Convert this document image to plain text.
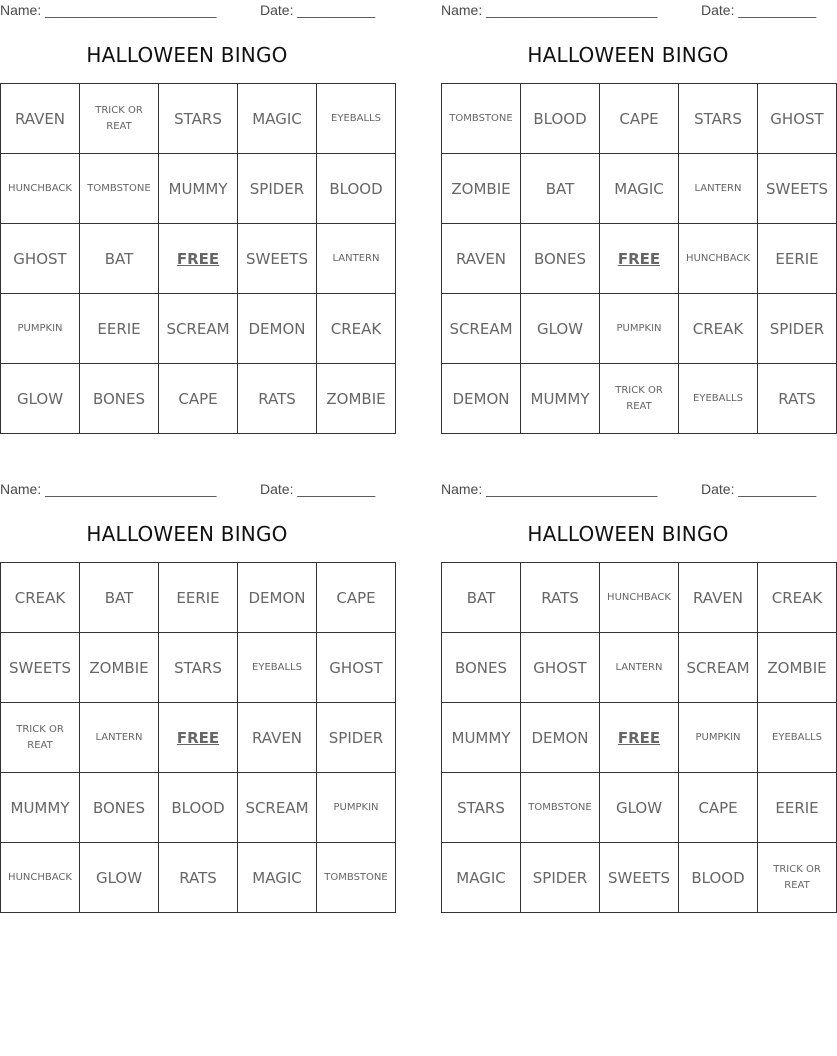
Name: ______________________	Date: __________
HALLOWEEN BINGO
RAVEN	TRICK OR REAT	STARS	MAGIC	EYEBALLS
HUNCHBACK	TOMBSTONE	MUMMY	SPIDER	BLOOD
GHOST	BAT	FREE	SWEETS	LANTERN
PUMPKIN	EERIE	SCREAM	DEMON	CREAK
GLOW	BONES	CAPE	RATS	ZOMBIE
Name: ______________________	Date: __________
HALLOWEEN BINGO
TOMBSTONE	BLOOD	CAPE	STARS	GHOST
ZOMBIE	BAT	MAGIC	LANTERN	SWEETS
RAVEN	BONES	FREE	HUNCHBACK	EERIE
SCREAM	GLOW	PUMPKIN	CREAK	SPIDER
DEMON	MUMMY	TRICK OR REAT	EYEBALLS	RATS
Name: ______________________	Date: __________
HALLOWEEN BINGO
CREAK	BAT	EERIE	DEMON	CAPE
SWEETS	ZOMBIE	STARS	EYEBALLS	GHOST
TRICK OR REAT	LANTERN	FREE	RAVEN	SPIDER
MUMMY	BONES	BLOOD	SCREAM	PUMPKIN
HUNCHBACK	GLOW	RATS	MAGIC	TOMBSTONE
Name: ______________________	Date: __________
HALLOWEEN BINGO
BAT	RATS	HUNCHBACK	RAVEN	CREAK
BONES	GHOST	LANTERN	SCREAM	ZOMBIE
MUMMY	DEMON	FREE	PUMPKIN	EYEBALLS
STARS	TOMBSTONE	GLOW	CAPE	EERIE
MAGIC	SPIDER	SWEETS	BLOOD	TRICK OR REAT
